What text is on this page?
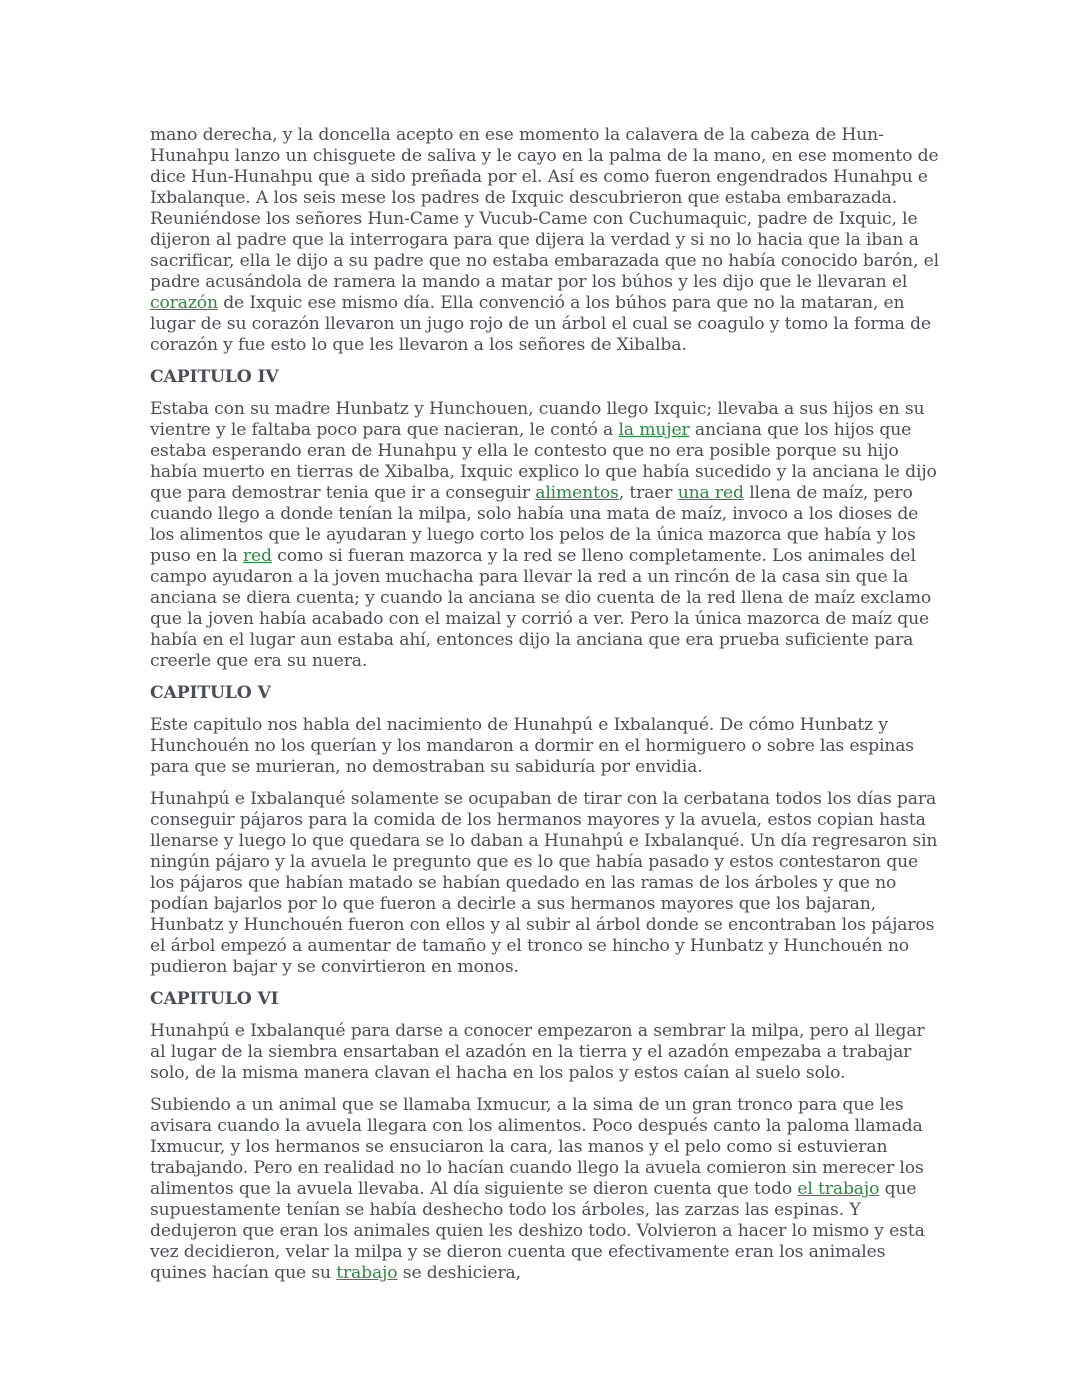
mano derecha, y la doncella acepto en ese momento la calavera de la cabeza de Hun-Hunahpu lanzo un chisguete de saliva y le cayo en la palma de la mano, en ese momento de dice Hun-Hunahpu que a sido preñada por el. Así es como fueron engendrados Hunahpu e Ixbalanque. A los seis mese los padres de Ixquic descubrieron que estaba embarazada. Reuniéndose los señores Hun-Came y Vucub-Came con Cuchumaquic, padre de Ixquic, le dijeron al padre que la interrogara para que dijera la verdad y si no lo hacia que la iban a sacrificar, ella le dijo a su padre que no estaba embarazada que no había conocido barón, el padre acusándola de ramera la mando a matar por los búhos y les dijo que le llevaran el corazón de Ixquic ese mismo día. Ella convenció a los búhos para que no la mataran, en lugar de su corazón llevaron un jugo rojo de un árbol el cual se coagulo y tomo la forma de corazón y fue esto lo que les llevaron a los señores de Xibalba.

CAPITULO IV

Estaba con su madre Hunbatz y Hunchouen, cuando llego Ixquic; llevaba a sus hijos en su vientre y le faltaba poco para que nacieran, le contó a la mujer anciana que los hijos que estaba esperando eran de Hunahpu y ella le contesto que no era posible porque su hijo había muerto en tierras de Xibalba, Ixquic explico lo que había sucedido y la anciana le dijo que para demostrar tenia que ir a conseguir alimentos, traer una red llena de maíz, pero cuando llego a donde tenían la milpa, solo había una mata de maíz, invoco a los dioses de los alimentos que le ayudaran y luego corto los pelos de la única mazorca que había y los puso en la red como si fueran mazorca y la red se lleno completamente. Los animales del campo ayudaron a la joven muchacha para llevar la red a un rincón de la casa sin que la anciana se diera cuenta; y cuando la anciana se dio cuenta de la red llena de maíz exclamo que la joven había acabado con el maizal y corrió a ver. Pero la única mazorca de maíz que había en el lugar aun estaba ahí, entonces dijo la anciana que era prueba suficiente para creerle que era su nuera.

CAPITULO V

Este capitulo nos habla del nacimiento de Hunahpú e Ixbalanqué. De cómo Hunbatz y Hunchouén no los querían y los mandaron a dormir en el hormiguero o sobre las espinas para que se murieran, no demostraban su sabiduría por envidia.

Hunahpú e Ixbalanqué solamente se ocupaban de tirar con la cerbatana todos los días para conseguir pájaros para la comida de los hermanos mayores y la avuela, estos copian hasta llenarse y luego lo que quedara se lo daban a Hunahpú e Ixbalanqué. Un día regresaron sin ningún pájaro y la avuela le pregunto que es lo que había pasado y estos contestaron que los pájaros que habían matado se habían quedado en las ramas de los árboles y que no podían bajarlos por lo que fueron a decirle a sus hermanos mayores que los bajaran, Hunbatz y Hunchouén fueron con ellos y al subir al árbol donde se encontraban los pájaros el árbol empezó a aumentar de tamaño y el tronco se hincho y Hunbatz y Hunchouén no pudieron bajar y se convirtieron en monos.

CAPITULO VI

Hunahpú e Ixbalanqué para darse a conocer empezaron a sembrar la milpa, pero al llegar al lugar de la siembra ensartaban el azadón en la tierra y el azadón empezaba a trabajar solo, de la misma manera clavan el hacha en los palos y estos caían al suelo solo.

Subiendo a un animal que se llamaba Ixmucur, a la sima de un gran tronco para que les avisara cuando la avuela llegara con los alimentos. Poco después canto la paloma llamada Ixmucur, y los hermanos se ensuciaron la cara, las manos y el pelo como si estuvieran trabajando. Pero en realidad no lo hacían cuando llego la avuela comieron sin merecer los alimentos que la avuela llevaba. Al día siguiente se dieron cuenta que todo el trabajo que supuestamente tenían se había deshecho todo los árboles, las zarzas las espinas. Y dedujeron que eran los animales quien les deshizo todo. Volvieron a hacer lo mismo y esta vez decidieron, velar la milpa y se dieron cuenta que efectivamente eran los animales quines hacían que su trabajo se deshiciera,
